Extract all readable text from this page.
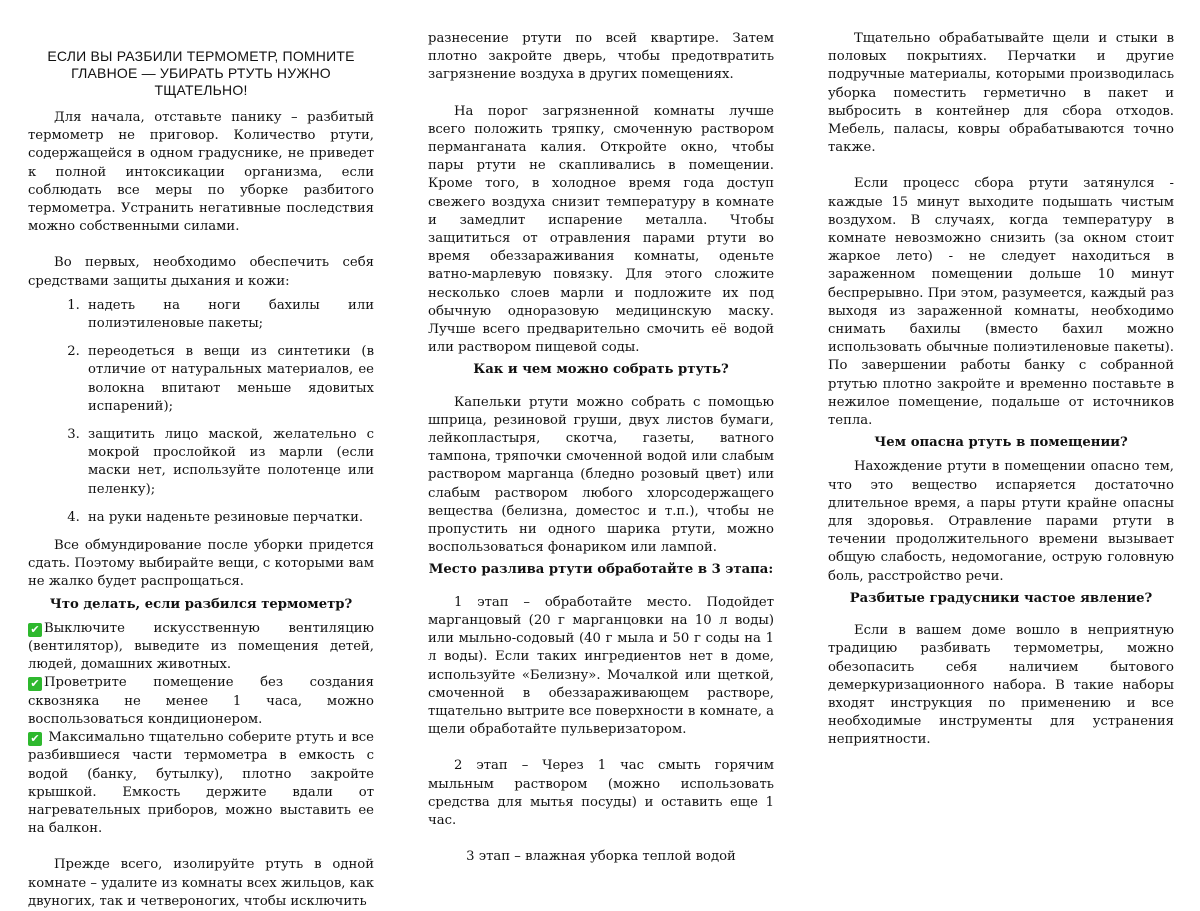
ЕСЛИ ВЫ РАЗБИЛИ ТЕРМОМЕТР, ПОМНИТЕ ГЛАВНОЕ — УБИРАТЬ РТУТЬ НУЖНО ТЩАТЕЛЬНО!

Для начала, отставьте панику – разбитый термометр не приговор. Количество ртути, содержащейся в одном градуснике, не приведет к полной интоксикации организма, если соблюдать все меры по уборке разбитого термометра. Устранить негативные последствия можно собственными силами.

Во первых, необходимо обеспечить себя средствами защиты дыхания и кожи:

1. надеть на ноги бахилы или полиэтиленовые пакеты;
2. переодеться в вещи из синтетики (в отличие от натуральных материалов, ее волокна впитают меньше ядовитых испарений);
3. защитить лицо маской, желательно с мокрой прослойкой из марли (если маски нет, используйте полотенце или пеленку);
4. на руки наденьте резиновые перчатки.

Все обмундирование после уборки придется сдать. Поэтому выбирайте вещи, с которыми вам не жалко будет распрощаться.

Что делать, если разбился термометр?

✔ Выключите искусственную вентиляцию (вентилятор), выведите из помещения детей, людей, домашних животных.

✔ Проветрите помещение без создания сквозняка не менее 1 часа, можно воспользоваться кондиционером.

✔ Максимально тщательно соберите ртуть и все разбившиеся части термометра в емкость с водой (банку, бутылку), плотно закройте крышкой. Емкость держите вдали от нагревательных приборов, можно выставить ее на балкон.

Прежде всего, изолируйте ртуть в одной комнате – удалите из комнаты всех жильцов, как двуногих, так и четвероногих, чтобы исключить

разнесение ртути по всей квартире. Затем плотно закройте дверь, чтобы предотвратить загрязнение воздуха в других помещениях.

На порог загрязненной комнаты лучше всего положить тряпку, смоченную раствором перманганата калия. Откройте окно, чтобы пары ртути не скапливались в помещении. Кроме того, в холодное время года доступ свежего воздуха снизит температуру в комнате и замедлит испарение металла. Чтобы защититься от отравления парами ртути во время обеззараживания комнаты, оденьте ватно-марлевую повязку. Для этого сложите несколько слоев марли и подложите их под обычную одноразовую медицинскую маску. Лучше всего предварительно смочить её водой или раствором пищевой соды.

Как и чем можно собрать ртуть?

Капельки ртути можно собрать с помощью шприца, резиновой груши, двух листов бумаги, лейкопластыря, скотча, газеты, ватного тампона, тряпочки смоченной водой или слабым раствором марганца (бледно розовый цвет) или слабым раствором любого хлорсодержащего вещества (белизна, доместос и т.п.), чтобы не пропустить ни одного шарика ртути, можно воспользоваться фонариком или лампой.

Место разлива ртути обработайте в 3 этапа:

1 этап – обработайте место. Подойдет марганцовый (20 г марганцовки на 10 л воды) или мыльно-содовый (40 г мыла и 50 г соды на 1 л воды). Если таких ингредиентов нет в доме, используйте «Белизну». Мочалкой или щеткой, смоченной в обеззараживающем растворе, тщательно вытрите все поверхности в комнате, а щели обработайте пульверизатором.

2 этап – Через 1 час смыть горячим мыльным раствором (можно использовать средства для мытья посуды) и оставить еще 1 час.

3 этап – влажная уборка теплой водой

Тщательно обрабатывайте щели и стыки в половых покрытиях. Перчатки и другие подручные материалы, которыми производилась уборка поместить герметично в пакет и выбросить в контейнер для сбора отходов. Мебель, паласы, ковры обрабатываются точно также.

Если процесс сбора ртути затянулся - каждые 15 минут выходите подышать чистым воздухом. В случаях, когда температуру в комнате невозможно снизить (за окном стоит жаркое лето) - не следует находиться в зараженном помещении дольше 10 минут беспрерывно. При этом, разумеется, каждый раз выходя из зараженной комнаты, необходимо снимать бахилы (вместо бахил можно использовать обычные полиэтиленовые пакеты). По завершении работы банку с собранной ртутью плотно закройте и временно поставьте в нежилое помещение, подальше от источников тепла.

Чем опасна ртуть в помещении?

Нахождение ртути в помещении опасно тем, что это вещество испаряется достаточно длительное время, а пары ртути крайне опасны для здоровья. Отравление парами ртути в течении продолжительного времени вызывает общую слабость, недомогание, острую головную боль, расстройство речи.

Разбитые градусники частое явление?

Если в вашем доме вошло в неприятную традицию разбивать термометры, можно обезопасить себя наличием бытового демеркуризационного набора. В такие наборы входят инструкция по применению и все необходимые инструменты для устранения неприятности.
